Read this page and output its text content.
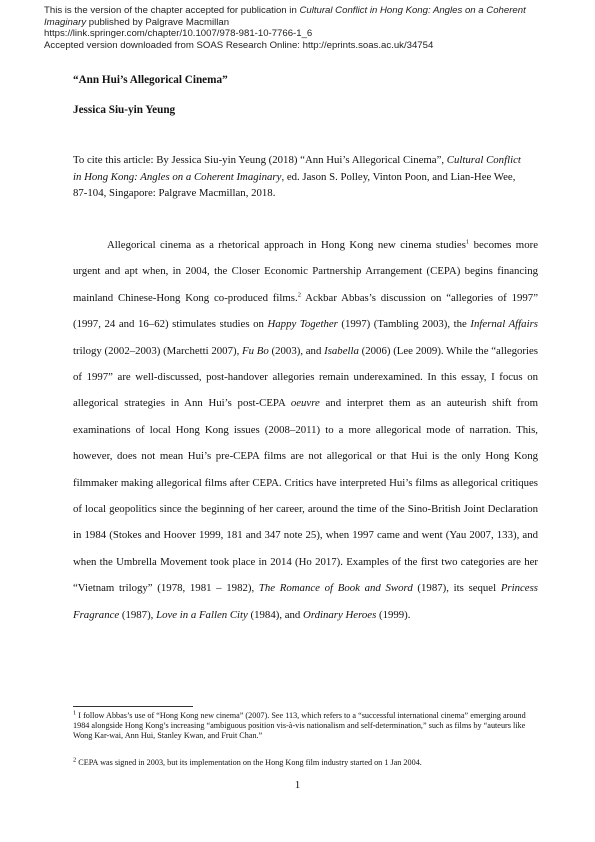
This is the version of the chapter accepted for publication in Cultural Conflict in Hong Kong: Angles on a Coherent Imaginary published by Palgrave Macmillan
https://link.springer.com/chapter/10.1007/978-981-10-7766-1_6
Accepted version downloaded from SOAS Research Online: http://eprints.soas.ac.uk/34754
“Ann Hui’s Allegorical Cinema”
Jessica Siu-yin Yeung
To cite this article: By Jessica Siu-yin Yeung (2018) “Ann Hui’s Allegorical Cinema”, Cultural Conflict in Hong Kong: Angles on a Coherent Imaginary, ed. Jason S. Polley, Vinton Poon, and Lian-Hee Wee, 87-104, Singapore: Palgrave Macmillan, 2018.
Allegorical cinema as a rhetorical approach in Hong Kong new cinema studies$^1$ becomes more urgent and apt when, in 2004, the Closer Economic Partnership Arrangement (CEPA) begins financing mainland Chinese-Hong Kong co-produced films.$^2$ Ackbar Abbas’s discussion on “allegories of 1997” (1997, 24 and 16–62) stimulates studies on Happy Together (1997) (Tambling 2003), the Infernal Affairs trilogy (2002–2003) (Marchetti 2007), Fu Bo (2003), and Isabella (2006) (Lee 2009). While the “allegories of 1997” are well-discussed, post-handover allegories remain underexamined. In this essay, I focus on allegorical strategies in Ann Hui’s post-CEPA oeuvre and interpret them as an auteurish shift from examinations of local Hong Kong issues (2008–2011) to a more allegorical mode of narration. This, however, does not mean Hui’s pre-CEPA films are not allegorical or that Hui is the only Hong Kong filmmaker making allegorical films after CEPA. Critics have interpreted Hui’s films as allegorical critiques of local geopolitics since the beginning of her career, around the time of the Sino-British Joint Declaration in 1984 (Stokes and Hoover 1999, 181 and 347 note 25), when 1997 came and went (Yau 2007, 133), and when the Umbrella Movement took place in 2014 (Ho 2017). Examples of the first two categories are her “Vietnam trilogy” (1978, 1981 – 1982), The Romance of Book and Sword (1987), its sequel Princess Fragrance (1987), Love in a Fallen City (1984), and Ordinary Heroes (1999).
$^1$ I follow Abbas’s use of “Hong Kong new cinema” (2007). See 113, which refers to a “successful international cinema” emerging around 1984 alongside Hong Kong’s increasing “ambiguous position vis-à-vis nationalism and self-determination,” such as films by “auteurs like Wong Kar-wai, Ann Hui, Stanley Kwan, and Fruit Chan.”
$^2$ CEPA was signed in 2003, but its implementation on the Hong Kong film industry started on 1 Jan 2004.
1
